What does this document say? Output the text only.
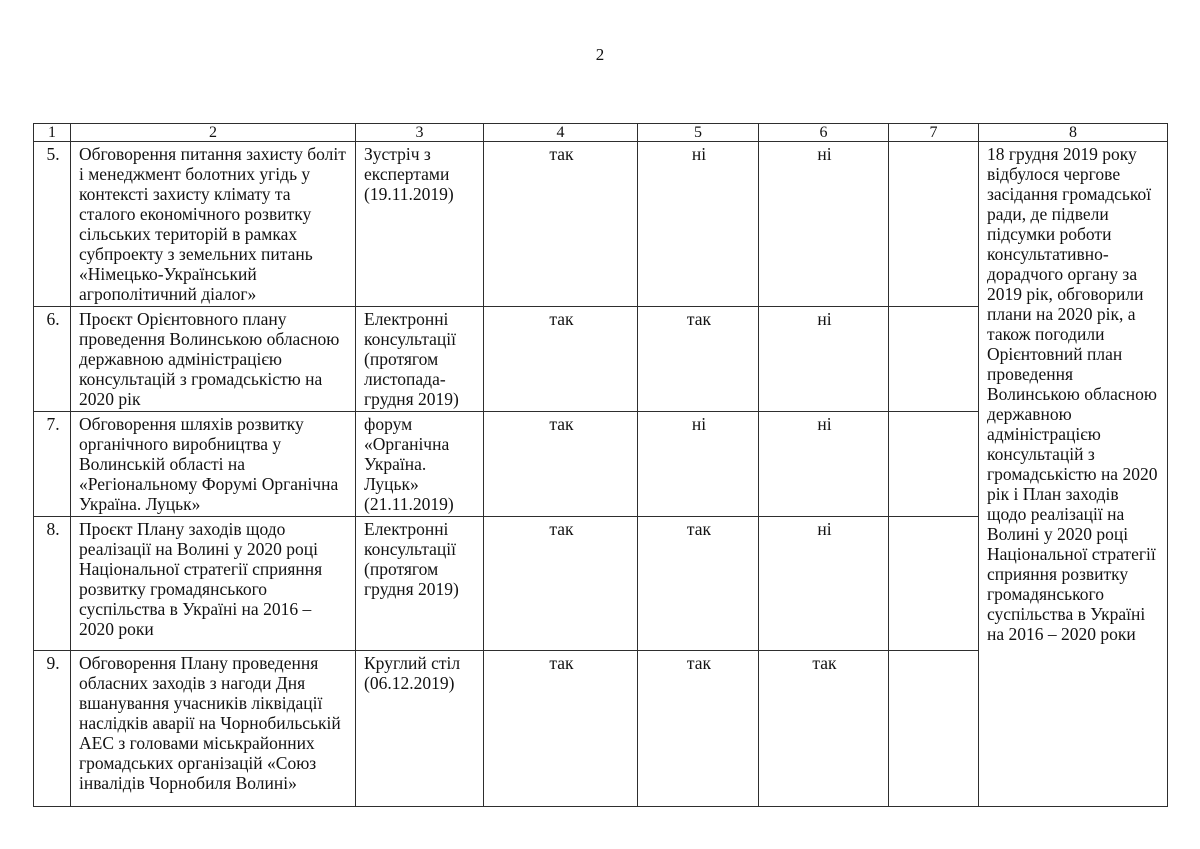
2
1	2	3	4	5	6	7	8
5.	Обговорення питання захисту боліт і менеджмент болотних угідь у контексті захисту клімату та сталого економічного розвитку сільських територій в рамках субпроекту з земельних питань «Німецько-Український агрополітичний діалог»	Зустріч з експертами (19.11.2019)	так	ні	ні		18 грудня 2019 року відбулося чергове засідання громадської ради, де підвели підсумки роботи консультативно-дорадчого органу за 2019 рік, обговорили плани на 2020 рік, а також погодили Орієнтовний план проведення Волинською обласною державною адміністрацією консультацій з громадськістю на 2020 рік і План заходів щодо реалізації на Волині у 2020 році Національної стратегії сприяння розвитку громадянського суспільства в Україні на 2016 – 2020 роки
6.	Проєкт Орієнтовного плану проведення Волинською обласною державною адміністрацією консультацій з громадськістю на 2020 рік	Електронні консультації (протягом листопада-грудня 2019)	так	так	ні		
7.	Обговорення шляхів розвитку органічного виробництва у Волинській області на «Регіональному Форумі Органічна Україна. Луцьк»	форум «Органічна Україна. Луцьк» (21.11.2019)	так	ні	ні		
8.	Проєкт Плану заходів щодо реалізації на Волині у 2020 році Національної стратегії сприяння розвитку громадянського суспільства в Україні на 2016 – 2020 роки	Електронні консультації (протягом грудня 2019)	так	так	ні		
9.	Обговорення Плану проведення обласних заходів з нагоди Дня вшанування учасників ліквідації наслідків аварії на Чорнобильській АЕС з головами міськрайонних громадських організацій «Союз інвалідів Чорнобиля Волині»	Круглий стіл (06.12.2019)	так	так	так		
